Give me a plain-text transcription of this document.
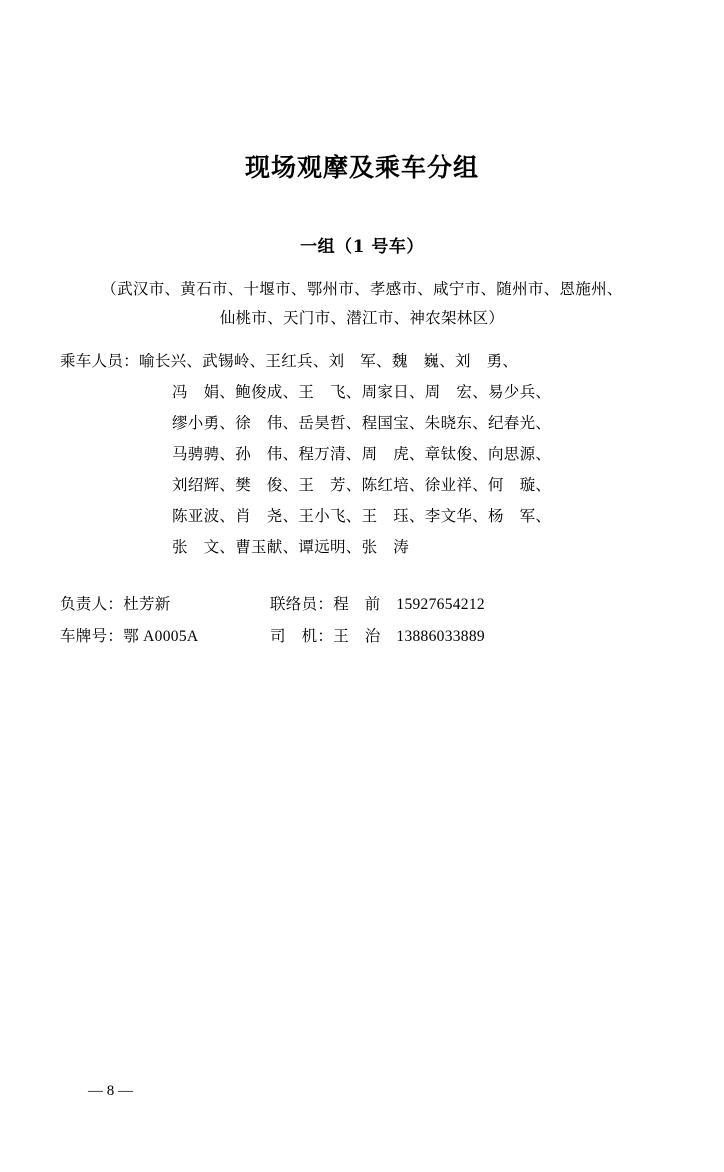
现场观摩及乘车分组
一组（1 号车）
（武汉市、黄石市、十堰市、鄂州市、孝感市、咸宁市、随州市、恩施州、
仙桃市、天门市、潜江市、神农架林区）
乘车人员： 喻长兴、武锡岭、王红兵、刘　军、魏　巍、刘　勇、
冯　娟、鲍俊成、王　飞、周家日、周　宏、易少兵、
缪小勇、徐　伟、岳昊哲、程国宝、朱晓东、纪春光、
马骋骋、孙　伟、程万清、周　虎、章钛俊、向思源、
刘绍辉、樊　俊、王　芳、陈红培、徐业祥、何　璇、
陈亚波、肖　尧、王小飞、王　珏、李文华、杨　军、
张　文、曹玉献、谭远明、张　涛
负责人：杜芳新	联络员：程　前　15927654212
车牌号：鄂 A0005A	司　机：王　治　13886033889
— 8 —
